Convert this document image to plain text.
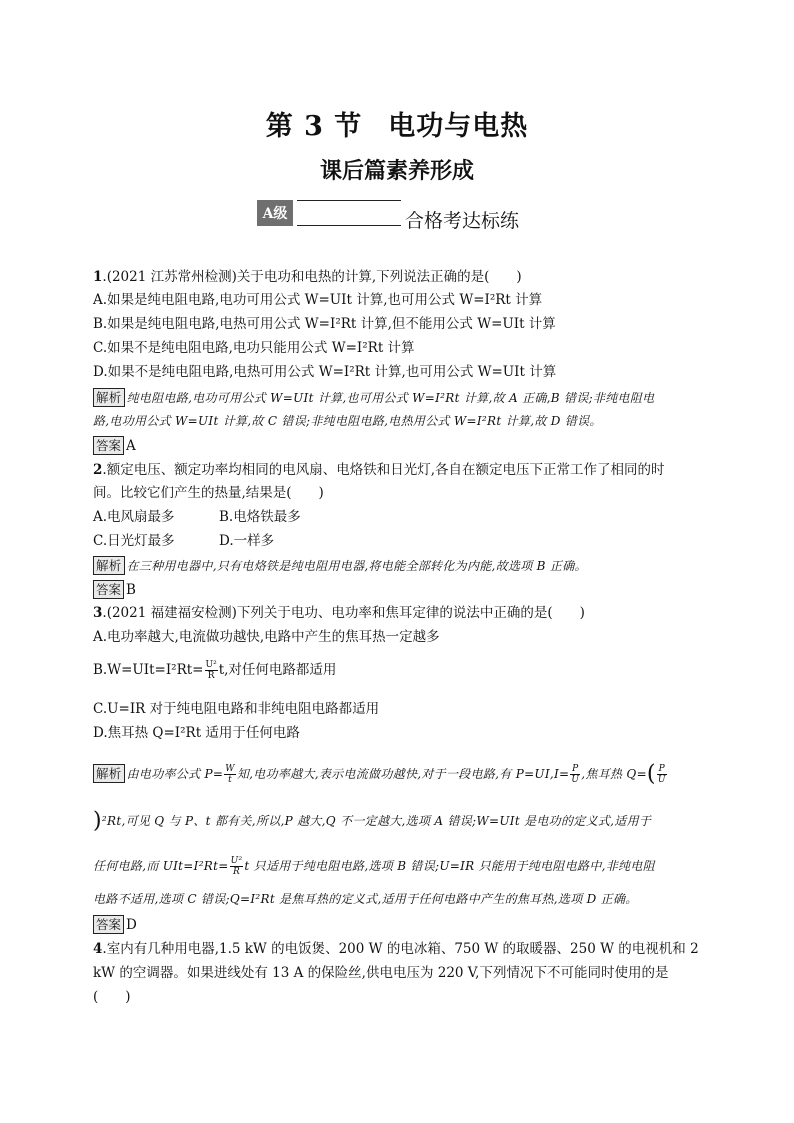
第 3 节 电功与电热
课后篇素养形成
A级	合格考达标练
1.(2021 江苏常州检测)关于电功和电热的计算,下列说法正确的是(　　)
A.如果是纯电阻电路,电功可用公式 W=UIt 计算,也可用公式 W=I²Rt 计算
B.如果是纯电阻电路,电热可用公式 W=I²Rt 计算,但不能用公式 W=UIt 计算
C.如果不是纯电阻电路,电功只能用公式 W=I²Rt 计算
D.如果不是纯电阻电路,电热可用公式 W=I²Rt 计算,也可用公式 W=UIt 计算
解析 纯电阻电路,电功可用公式 W=UIt 计算,也可用公式 W=I²Rt 计算,故 A 正确,B 错误;非纯电阻电
路,电功用公式 W=UIt 计算,故 C 错误;非纯电阻电路,电热用公式 W=I²Rt 计算,故 D 错误。
答案 A
2.额定电压、额定功率均相同的电风扇、电烙铁和日光灯,各自在额定电压下正常工作了相同的时
间。比较它们产生的热量,结果是(　　)
A.电风扇最多	B.电烙铁最多
C.日光灯最多	D.一样多
解析 在三种用电器中,只有电烙铁是纯电阻用电器,将电能全部转化为内能,故选项 B 正确。
答案 B
3.(2021 福建福安检测)下列关于电功、电功率和焦耳定律的说法中正确的是(　　)
A.电功率越大,电流做功越快,电路中产生的焦耳热一定越多
$B.W=UIt=I^2Rt= \frac{\text{U²}}{R} t$,对任何电路都适用
C.U=IR 对于纯电阻电路和非纯电阻电路都适用
D.焦耳热 Q=I²Rt 适用于任何电路
解析 由电功率公式 $P= \frac{W}{t}$ 知,电功率越大,表示电流做功越快,对于一段电路,有 $P=UI,I= \frac{P}{U}$ ,焦耳热 $Q=( \frac{P}{U}$
)²Rt,可见 Q 与 P、t 都有关,所以,P 越大,Q 不一定越大,选项 A 错误;W=UIt 是电功的定义式,适用于
任何电路,而 $UIt=I^2Rt= \frac{\text{U²}}{R}$ t 只适用于纯电阻电路,选项 B 错误;U=IR 只能用于纯电阻电路中,非纯电阻
电路不适用,选项 C 错误;Q=I²Rt 是焦耳热的定义式,适用于任何电路中产生的焦耳热,选项 D 正确。
答案 D
4.室内有几种用电器,1.5 kW 的电饭煲、200 W 的电冰箱、750 W 的取暖器、250 W 的电视机和 2
kW 的空调器。如果进线处有 13 A 的保险丝,供电电压为 220 V,下列情况下不可能同时使用的是
(　　)
